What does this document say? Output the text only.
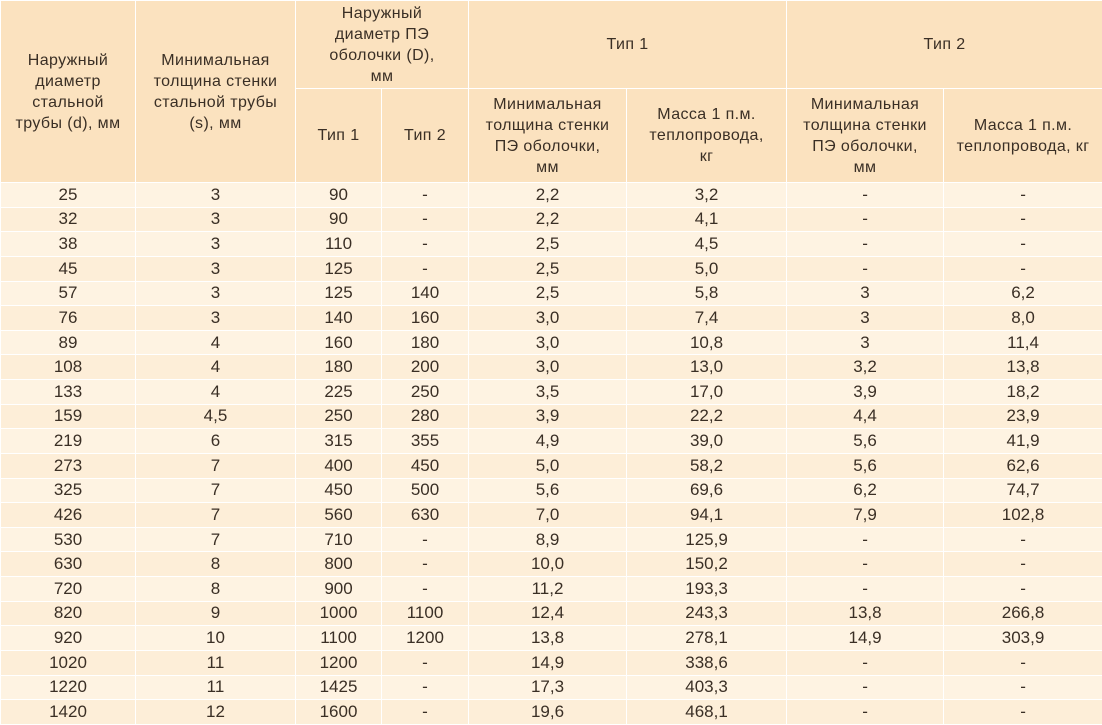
Наружный диаметр стальной трубы (d), мм	Минимальная толщина стенки стальной трубы (s), мм	Наружный диаметр ПЭ оболочки (D), мм		Тип 1		Тип 2	
		Тип 1	Тип 2	Минимальная толщина стенки ПЭ оболочки, мм	Масса 1 п.м. теплопровода, кг	Минимальная толщина стенки ПЭ оболочки, мм	Масса 1 п.м. теплопровода, кг
25	3	90	-	2,2	3,2	-	-
32	3	90	-	2,2	4,1	-	-
38	3	110	-	2,5	4,5	-	-
45	3	125	-	2,5	5,0	-	-
57	3	125	140	2,5	5,8	3	6,2
76	3	140	160	3,0	7,4	3	8,0
89	4	160	180	3,0	10,8	3	11,4
108	4	180	200	3,0	13,0	3,2	13,8
133	4	225	250	3,5	17,0	3,9	18,2
159	4,5	250	280	3,9	22,2	4,4	23,9
219	6	315	355	4,9	39,0	5,6	41,9
273	7	400	450	5,0	58,2	5,6	62,6
325	7	450	500	5,6	69,6	6,2	74,7
426	7	560	630	7,0	94,1	7,9	102,8
530	7	710	-	8,9	125,9	-	-
630	8	800	-	10,0	150,2	-	-
720	8	900	-	11,2	193,3	-	-
820	9	1000	1100	12,4	243,3	13,8	266,8
920	10	1100	1200	13,8	278,1	14,9	303,9
1020	11	1200	-	14,9	338,6	-	-
1220	11	1425	-	17,3	403,3	-	-
1420	12	1600	-	19,6	468,1	-	-
